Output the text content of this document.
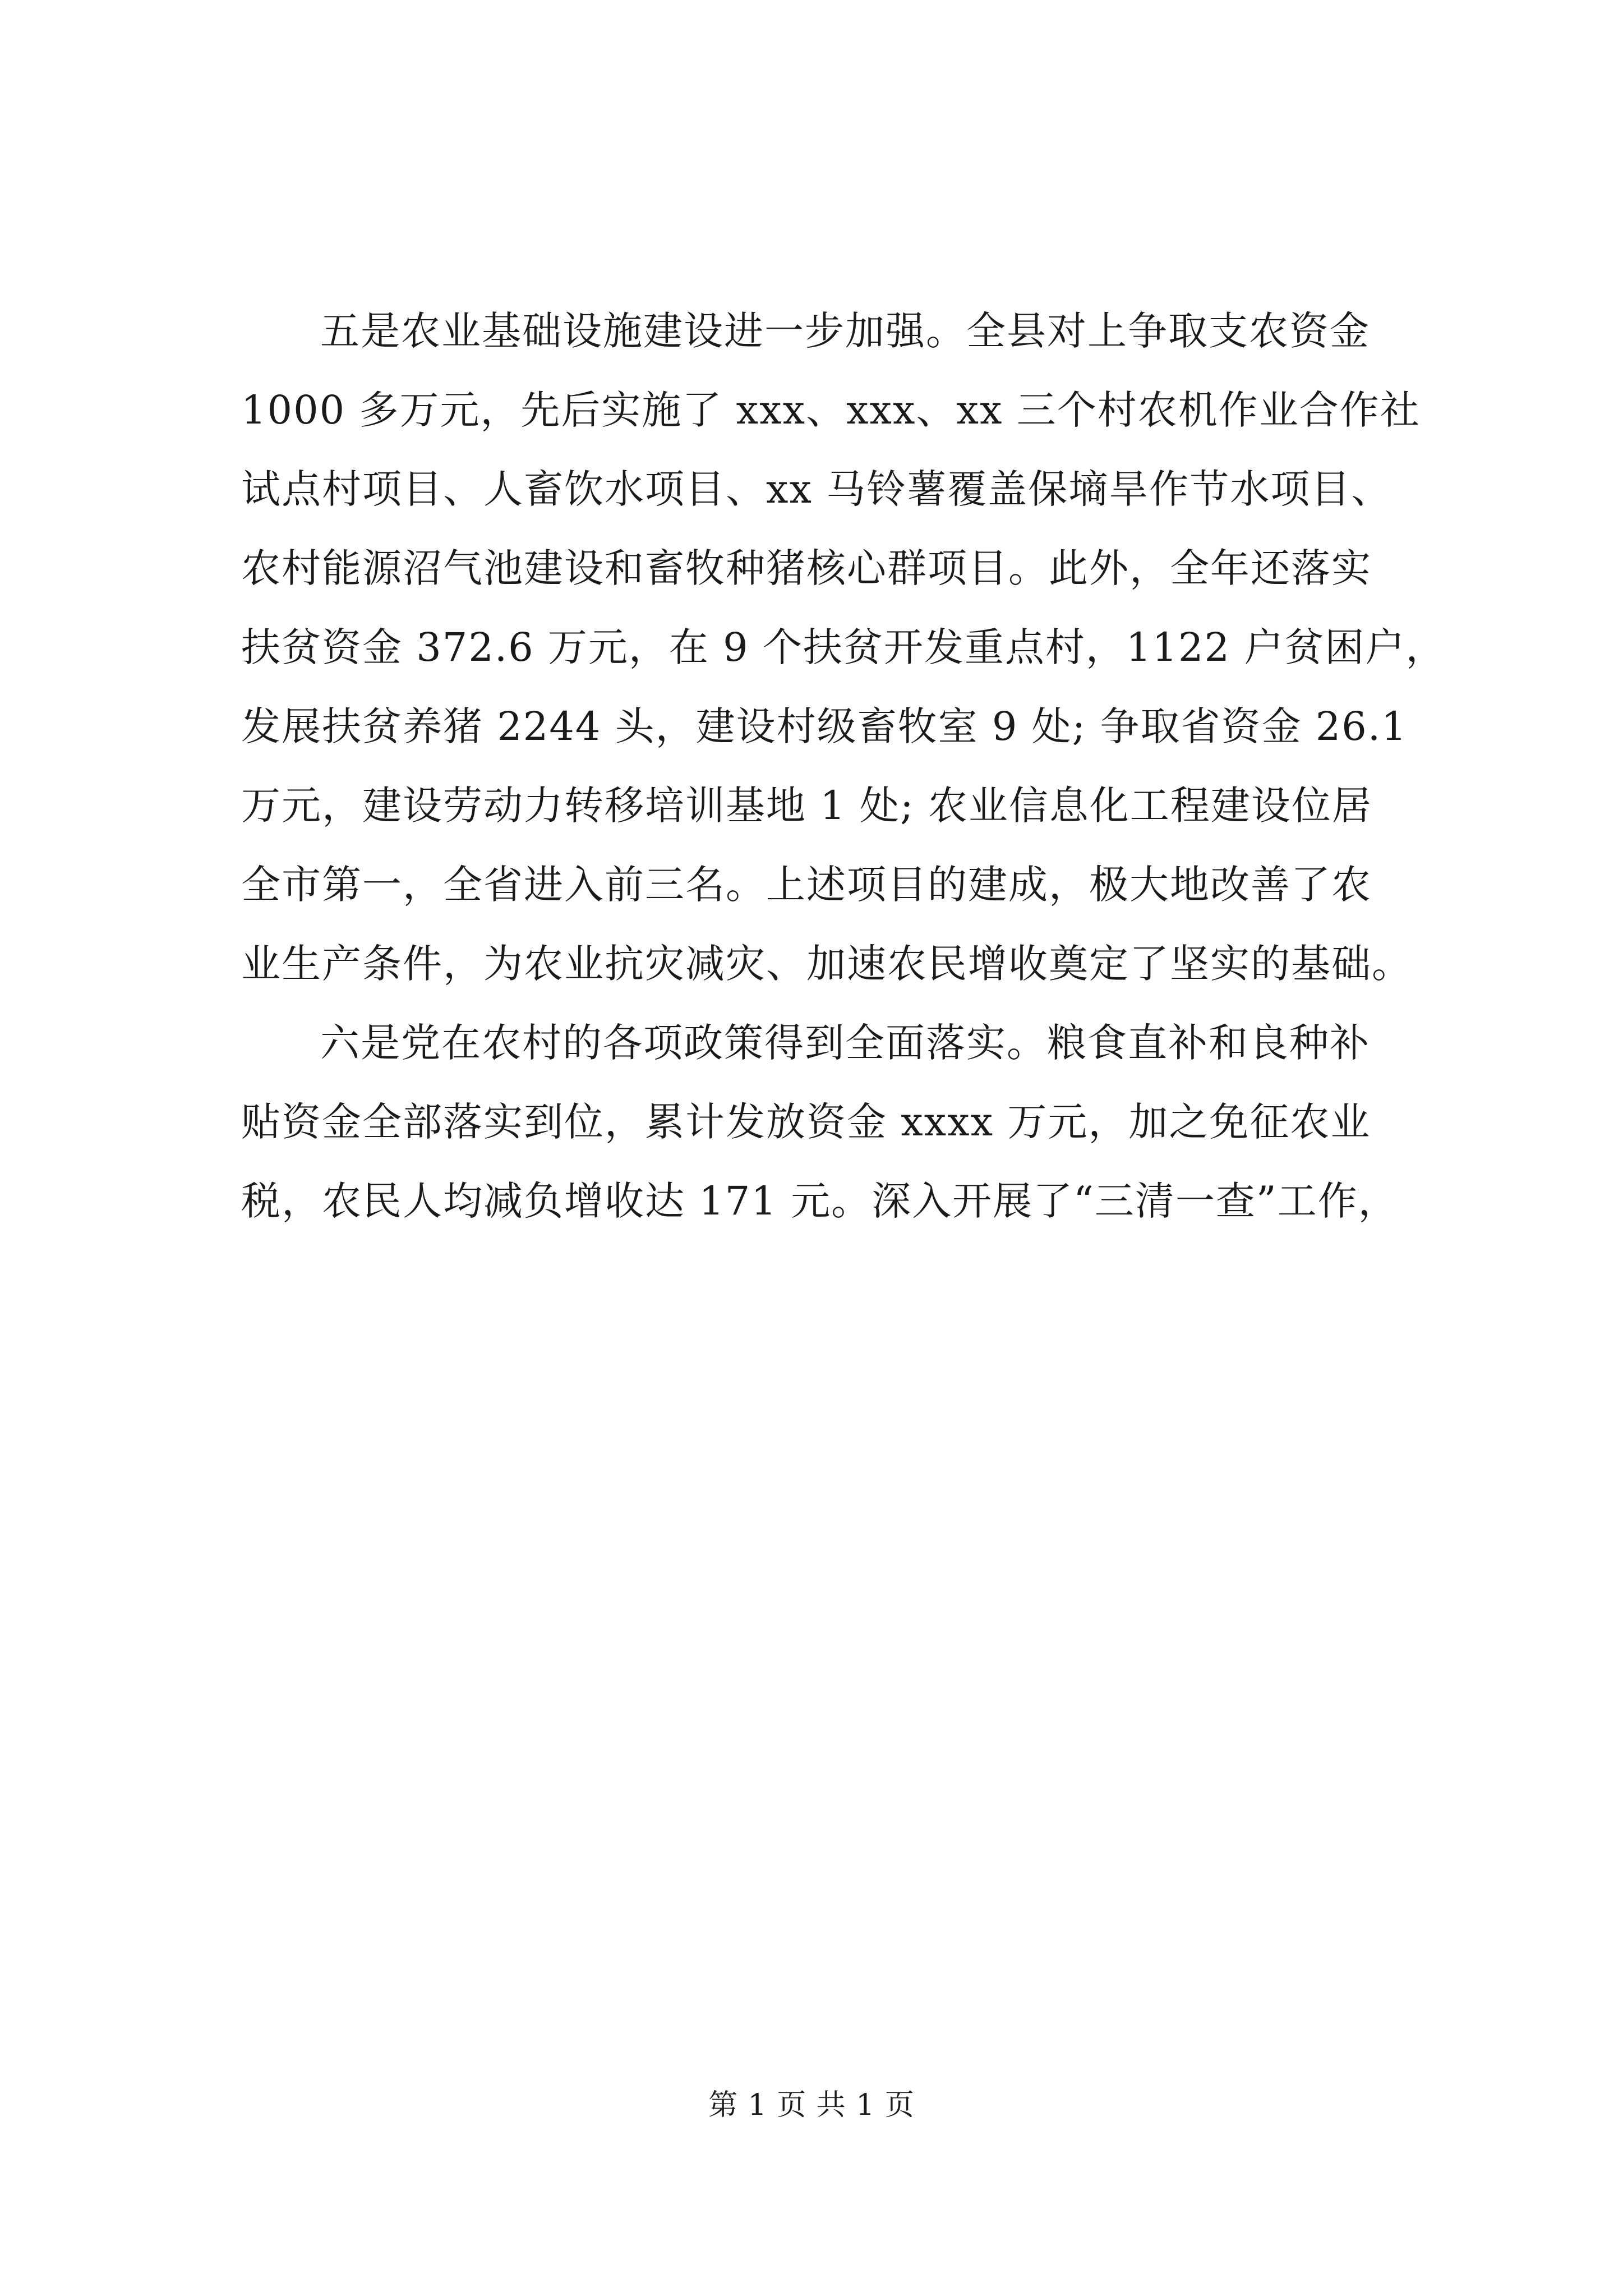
五是农业基础设施建设进一步加强。全县对上争取支农资金
1000 多万元，先后实施了 xxx、xxx、xx 三个村农机作业合作社
试点村项目、人畜饮水项目、xx 马铃薯覆盖保墒旱作节水项目、
农村能源沼气池建设和畜牧种猪核心群项目。此外，全年还落实
扶贫资金 372.6 万元，在 9 个扶贫开发重点村，1122 户贫困户，
发展扶贫养猪 2244 头，建设村级畜牧室 9 处; 争取省资金 26.1
万元，建设劳动力转移培训基地 1 处; 农业信息化工程建设位居
全市第一，全省进入前三名。上述项目的建成，极大地改善了农
业生产条件，为农业抗灾减灾、加速农民增收奠定了坚实的基础。

六是党在农村的各项政策得到全面落实。粮食直补和良种补
贴资金全部落实到位，累计发放资金 xxxx 万元，加之免征农业
税，农民人均减负增收达 171 元。深入开展了“三清一查”工作，

第 1 页 共 1 页
